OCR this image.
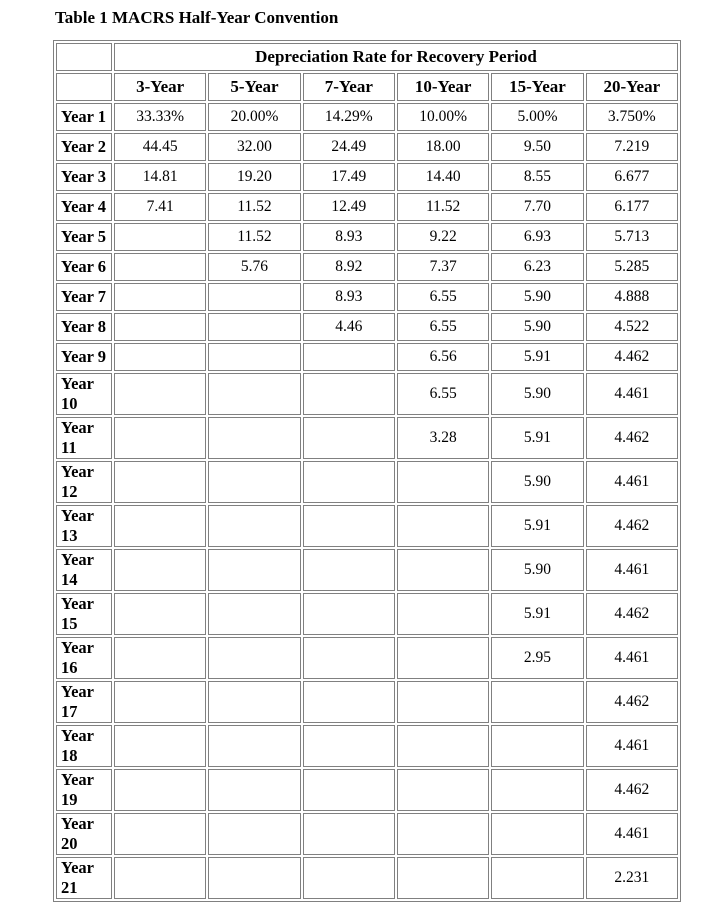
Table 1 MACRS Half-Year Convention
	Depreciation Rate for Recovery Period					
	3-Year	5-Year	7-Year	10-Year	15-Year	20-Year
Year 1	33.33%	20.00%	14.29%	10.00%	5.00%	3.750%
Year 2	44.45	32.00	24.49	18.00	9.50	7.219
Year 3	14.81	19.20	17.49	14.40	8.55	6.677
Year 4	7.41	11.52	12.49	11.52	7.70	6.177
Year 5		11.52	8.93	9.22	6.93	5.713
Year 6		5.76	8.92	7.37	6.23	5.285
Year 7			8.93	6.55	5.90	4.888
Year 8			4.46	6.55	5.90	4.522
Year 9				6.56	5.91	4.462
Year 10				6.55	5.90	4.461
Year 11				3.28	5.91	4.462
Year 12					5.90	4.461
Year 13					5.91	4.462
Year 14					5.90	4.461
Year 15					5.91	4.462
Year 16					2.95	4.461
Year 17						4.462
Year 18						4.461
Year 19						4.462
Year 20						4.461
Year 21						2.231
